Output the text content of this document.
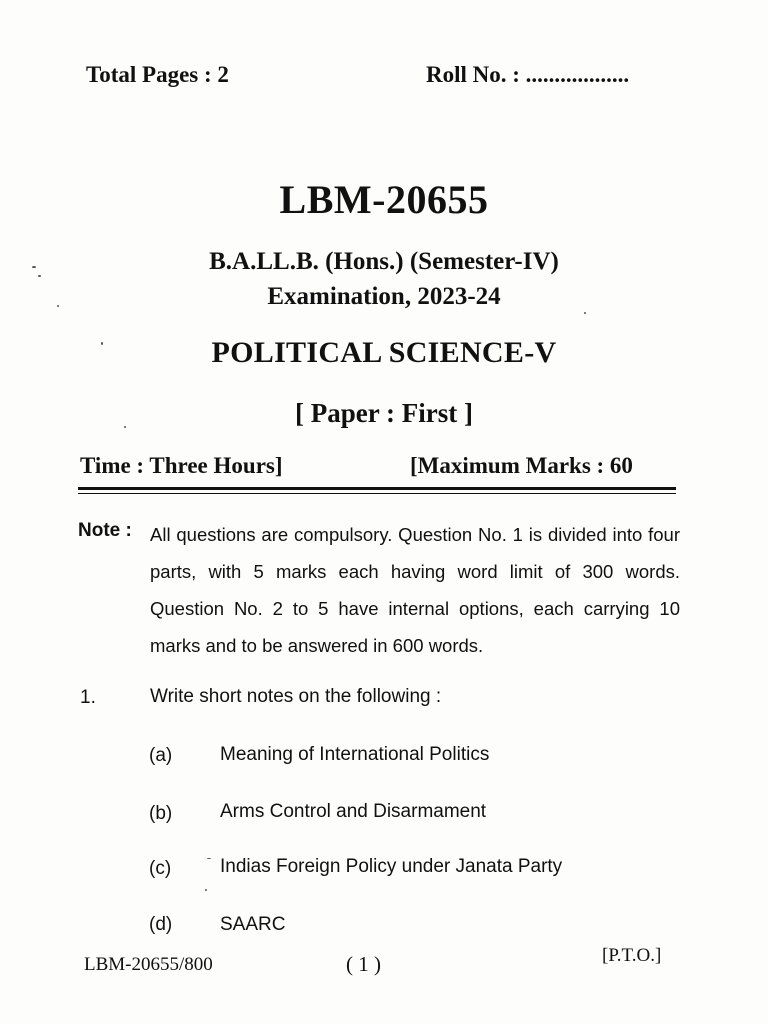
Total Pages : 2	Roll No. : ..................
LBM-20655
B.A.LL.B. (Hons.) (Semester-IV)
Examination, 2023-24
POLITICAL SCIENCE-V
[ Paper : First ]
Time : Three Hours]	[Maximum Marks : 60
Note : All questions are compulsory. Question No. 1 is divided into four parts, with 5 marks each having word limit of 300 words. Question No. 2 to 5 have internal options, each carrying 10 marks and to be answered in 600 words.
1.	Write short notes on the following :
(a)	Meaning of International Politics
(b)	Arms Control and Disarmament
(c)	Indias Foreign Policy under Janata Party
(d)	SAARC
LBM-20655/800	( 1 )	[P.T.O.]
